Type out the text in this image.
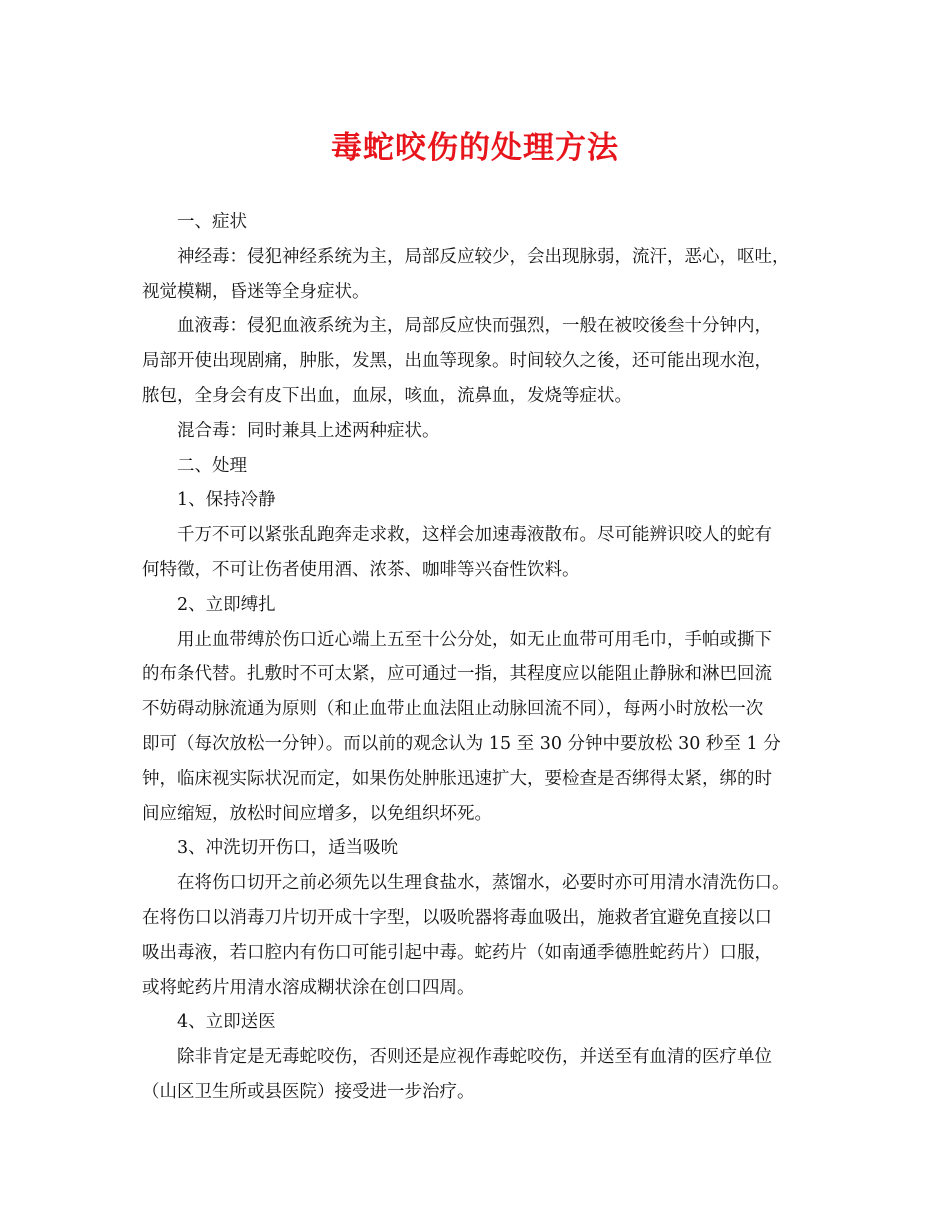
毒蛇咬伤的处理方法
一、症状
神经毒：侵犯神经系统为主，局部反应较少，会出现脉弱，流汗，恶心，呕吐，
视觉模糊，昏迷等全身症状。
血液毒：侵犯血液系统为主，局部反应快而强烈，一般在被咬後叁十分钟内，
局部开使出现剧痛，肿胀，发黑，出血等现象。时间较久之後，还可能出现水泡，
脓包，全身会有皮下出血，血尿，咳血，流鼻血，发烧等症状。
混合毒：同时兼具上述两种症状。
二、处理
1、保持冷静
千万不可以紧张乱跑奔走求救，这样会加速毒液散布。尽可能辨识咬人的蛇有
何特徵，不可让伤者使用酒、浓茶、咖啡等兴奋性饮料。
2、立即缚扎
用止血带缚於伤口近心端上五至十公分处，如无止血带可用毛巾，手帕或撕下
的布条代替。扎敷时不可太紧，应可通过一指，其程度应以能阻止静脉和淋巴回流
不妨碍动脉流通为原则（和止血带止血法阻止动脉回流不同），每两小时放松一次
即可（每次放松一分钟）。而以前的观念认为 15 至 30 分钟中要放松 30 秒至 1 分
钟，临床视实际状况而定，如果伤处肿胀迅速扩大，要检查是否绑得太紧，绑的时
间应缩短，放松时间应增多，以免组织坏死。
3、冲洗切开伤口，适当吸吮
在将伤口切开之前必须先以生理食盐水，蒸馏水，必要时亦可用清水清洗伤口。
在将伤口以消毒刀片切开成十字型，以吸吮器将毒血吸出，施救者宜避免直接以口
吸出毒液，若口腔内有伤口可能引起中毒。蛇药片（如南通季德胜蛇药片）口服，
或将蛇药片用清水溶成糊状涂在创口四周。
4、立即送医
除非肯定是无毒蛇咬伤，否则还是应视作毒蛇咬伤，并送至有血清的医疗单位
（山区卫生所或县医院）接受进一步治疗。
